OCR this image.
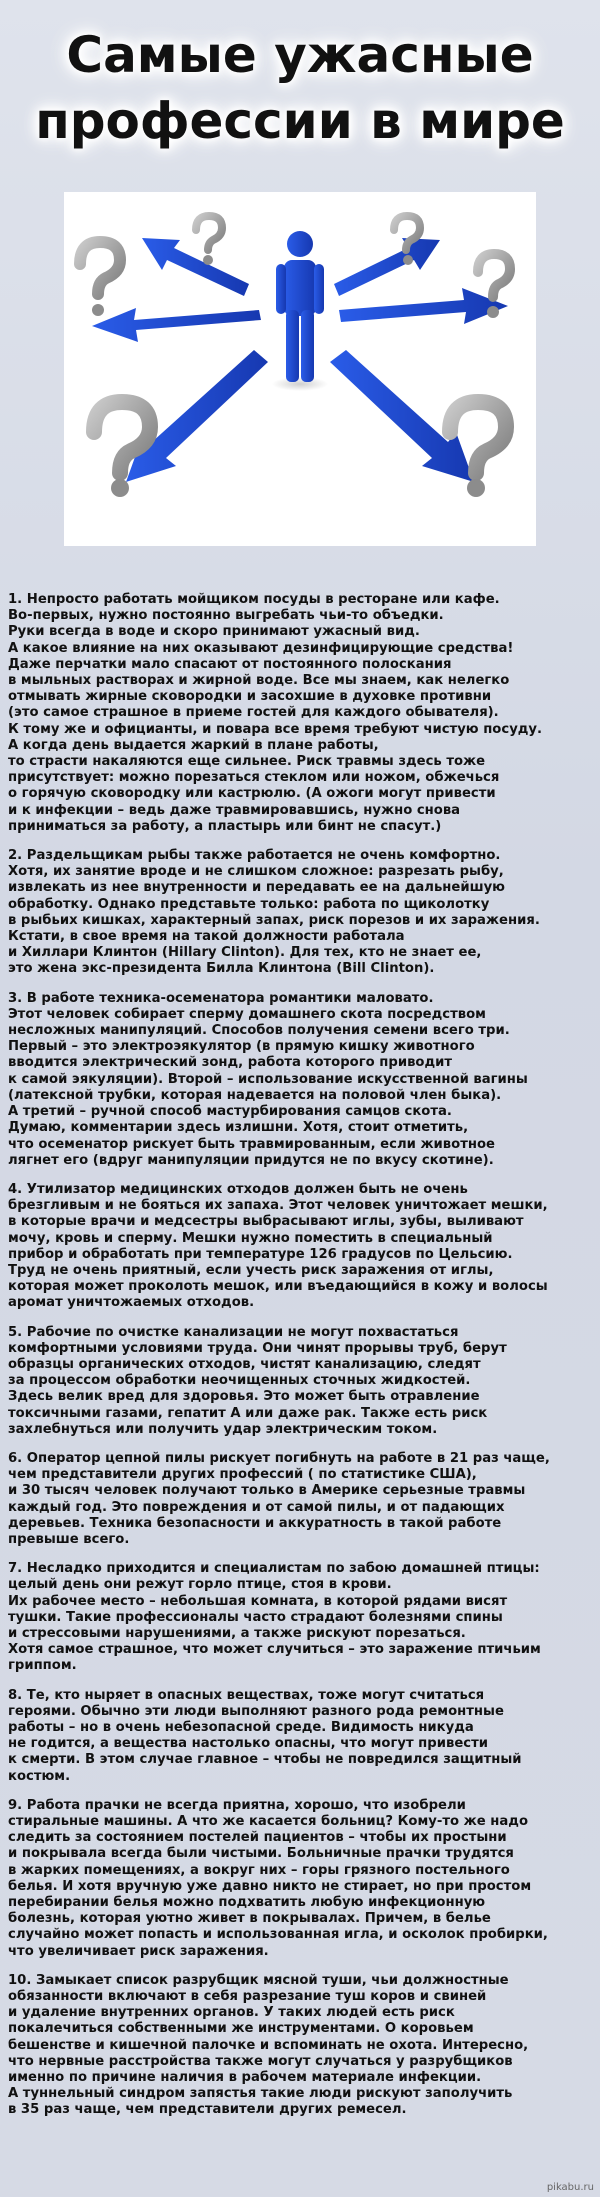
Самые ужасные
профессии в мире
1. Непросто работать мойщиком посуды в ресторане или кафе.
Во-первых, нужно постоянно выгребать чьи-то объедки.
Руки всегда в воде и скоро принимают ужасный вид.
А какое влияние на них оказывают дезинфицирующие средства!
Даже перчатки мало спасают от постоянного полоскания
в мыльных растворах и жирной воде. Все мы знаем, как нелегко
отмывать жирные сковородки и засохшие в духовке противни
(это самое страшное в приеме гостей для каждого обывателя).
К тому же и официанты, и повара все время требуют чистую посуду.
А когда день выдается жаркий в плане работы,
то страсти накаляются еще сильнее. Риск травмы здесь тоже
присутствует: можно порезаться стеклом или ножом, обжечься
о горячую сковородку или кастрюлю. (А ожоги могут привести
и к инфекции – ведь даже травмировавшись, нужно снова
приниматься за работу, а пластырь или бинт не спасут.)
2. Раздельщикам рыбы также работается не очень комфортно.
Хотя, их занятие вроде и не слишком сложное: разрезать рыбу,
извлекать из нее внутренности и передавать ее на дальнейшую
обработку. Однако представьте только: работа по щиколотку
в рыбьих кишках, характерный запах, риск порезов и их заражения.
Кстати, в свое время на такой должности работала
и Хиллари Клинтон (Hillary Clinton). Для тех, кто не знает ее,
это жена экс-президента Билла Клинтона (Bill Clinton).
3. В работе техника-осеменатора романтики маловато.
Этот человек собирает сперму домашнего скота посредством
несложных манипуляций. Способов получения семени всего три.
Первый – это электроэякулятор (в прямую кишку животного
вводится электрический зонд, работа которого приводит
к самой эякуляции). Второй – использование искусственной вагины
(латексной трубки, которая надевается на половой член быка).
А третий – ручной способ мастурбирования самцов скота.
Думаю, комментарии здесь излишни. Хотя, стоит отметить,
что осеменатор рискует быть травмированным, если животное
лягнет его (вдруг манипуляции придутся не по вкусу скотине).
4. Утилизатор медицинских отходов должен быть не очень
брезгливым и не бояться их запаха. Этот человек уничтожает мешки,
в которые врачи и медсестры выбрасывают иглы, зубы, выливают
мочу, кровь и сперму. Мешки нужно поместить в специальный
прибор и обработать при температуре 126 градусов по Цельсию.
Труд не очень приятный, если учесть риск заражения от иглы,
которая может проколоть мешок, или въедающийся в кожу и волосы
аромат уничтожаемых отходов.
5. Рабочие по очистке канализации не могут похвастаться
комфортными условиями труда. Они чинят прорывы труб, берут
образцы органических отходов, чистят канализацию, следят
за процессом обработки неочищенных сточных жидкостей.
Здесь велик вред для здоровья. Это может быть отравление
токсичными газами, гепатит А или даже рак. Также есть риск
захлебнуться или получить удар электрическим током.
6. Оператор цепной пилы рискует погибнуть на работе в 21 раз чаще,
чем представители других профессий ( по статистике США),
и 30 тысяч человек получают только в Америке серьезные травмы
каждый год. Это повреждения и от самой пилы, и от падающих
деревьев. Техника безопасности и аккуратность в такой работе
превыше всего.
7. Несладко приходится и специалистам по забою домашней птицы:
целый день они режут горло птице, стоя в крови.
Их рабочее место – небольшая комната, в которой рядами висят
тушки. Такие профессионалы часто страдают болезнями спины
и стрессовыми нарушениями, а также рискуют порезаться.
Хотя самое страшное, что может случиться – это заражение птичьим
гриппом.
8. Те, кто ныряет в опасных веществах, тоже могут считаться
героями. Обычно эти люди выполняют разного рода ремонтные
работы – но в очень небезопасной среде. Видимость никуда
не годится, а вещества настолько опасны, что могут привести
к смерти. В этом случае главное – чтобы не повредился защитный
костюм.
9. Работа прачки не всегда приятна, хорошо, что изобрели
стиральные машины. А что же касается больниц? Кому-то же надо
следить за состоянием постелей пациентов – чтобы их простыни
и покрывала всегда были чистыми. Больничные прачки трудятся
в жарких помещениях, а вокруг них – горы грязного постельного
белья. И хотя вручную уже давно никто не стирает, но при простом
перебирании белья можно подхватить любую инфекционную
болезнь, которая уютно живет в покрывалах. Причем, в белье
случайно может попасть и использованная игла, и осколок пробирки,
что увеличивает риск заражения.
10. Замыкает список разрубщик мясной туши, чьи должностные
обязанности включают в себя разрезание туш коров и свиней
и удаление внутренних органов. У таких людей есть риск
покалечиться собственными же инструментами. О коровьем
бешенстве и кишечной палочке и вспоминать не охота. Интересно,
что нервные расстройства также могут случаться у разрубщиков
именно по причине наличия в рабочем материале инфекции.
А туннельный синдром запястья такие люди рискуют заполучить
в 35 раз чаще, чем представители других ремесел.
pikabu.ru
